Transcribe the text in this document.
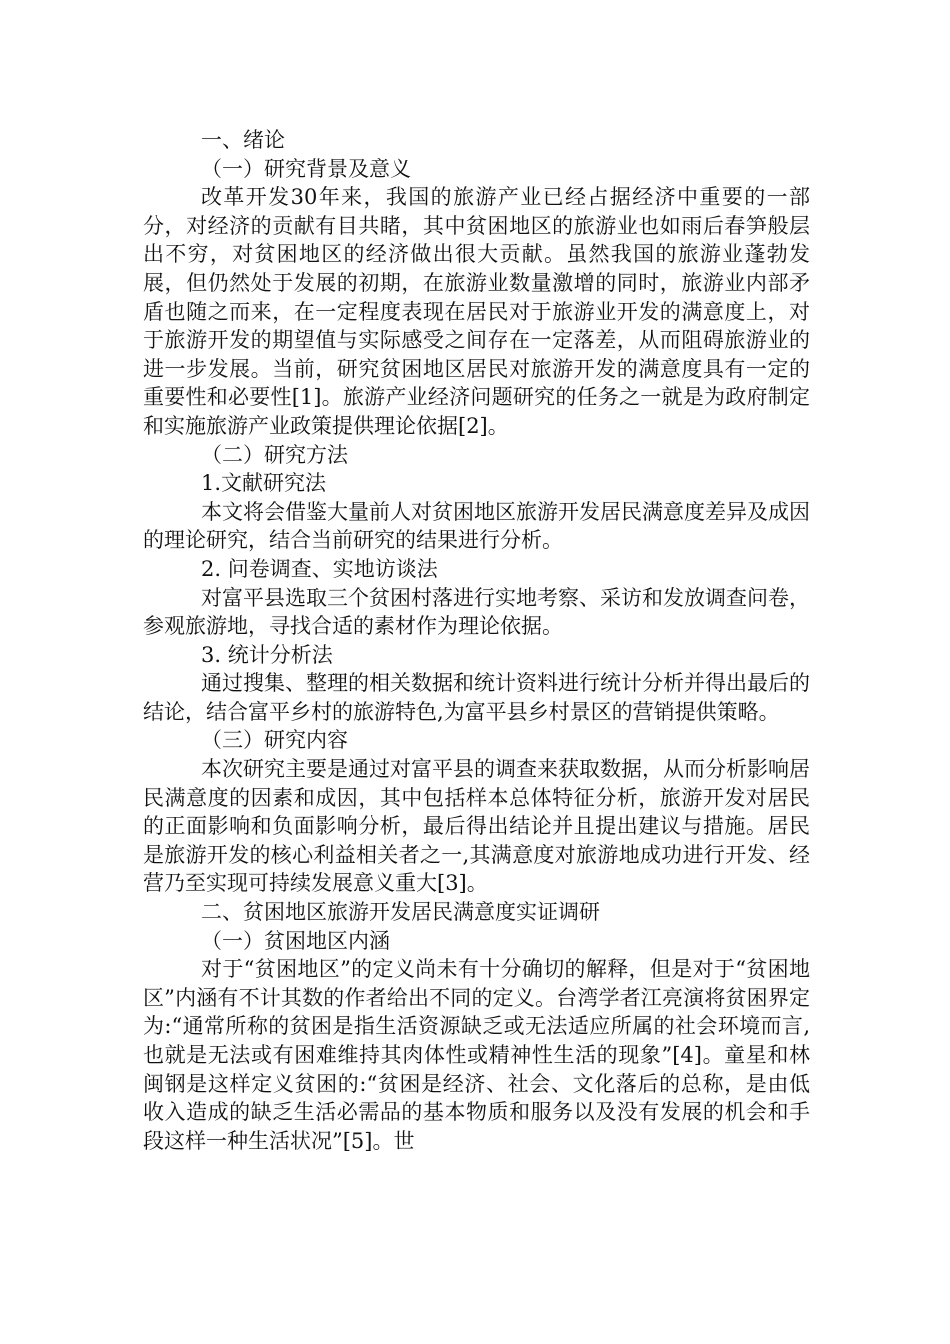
一、绪论

（一）研究背景及意义

改革开发30年来，我国的旅游产业已经占据经济中重要的一部分，对经济的贡献有目共睹，其中贫困地区的旅游业也如雨后春笋般层出不穷，对贫困地区的经济做出很大贡献。虽然我国的旅游业蓬勃发展，但仍然处于发展的初期，在旅游业数量激增的同时，旅游业内部矛盾也随之而来，在一定程度表现在居民对于旅游业开发的满意度上，对于旅游开发的期望值与实际感受之间存在一定落差，从而阻碍旅游业的进一步发展。当前，研究贫困地区居民对旅游开发的满意度具有一定的重要性和必要性[1]。旅游产业经济问题研究的任务之一就是为政府制定和实施旅游产业政策提供理论依据[2]。

（二）研究方法

1.文献研究法

本文将会借鉴大量前人对贫困地区旅游开发居民满意度差异及成因的理论研究，结合当前研究的结果进行分析。

2. 问卷调查、实地访谈法

对富平县选取三个贫困村落进行实地考察、采访和发放调查问卷，参观旅游地，寻找合适的素材作为理论依据。

3. 统计分析法

通过搜集、整理的相关数据和统计资料进行统计分析并得出最后的结论，结合富平乡村的旅游特色,为富平县乡村景区的营销提供策略。

（三）研究内容

本次研究主要是通过对富平县的调查来获取数据，从而分析影响居民满意度的因素和成因，其中包括样本总体特征分析，旅游开发对居民的正面影响和负面影响分析，最后得出结论并且提出建议与措施。居民是旅游开发的核心利益相关者之一,其满意度对旅游地成功进行开发、经营乃至实现可持续发展意义重大[3]。

二、贫困地区旅游开发居民满意度实证调研

（一）贫困地区内涵

对于“贫困地区”的定义尚未有十分确切的解释，但是对于“贫困地区”内涵有不计其数的作者给出不同的定义。台湾学者江亮演将贫困界定为:“通常所称的贫困是指生活资源缺乏或无法适应所属的社会环境而言,也就是无法或有困难维持其肉体性或精神性生活的现象”[4]。童星和林闽钢是这样定义贫困的:“贫困是经济、社会、文化落后的总称，是由低收入造成的缺乏生活必需品的基本物质和服务以及没有发展的机会和手段这样一种生活状况”[5]。世
